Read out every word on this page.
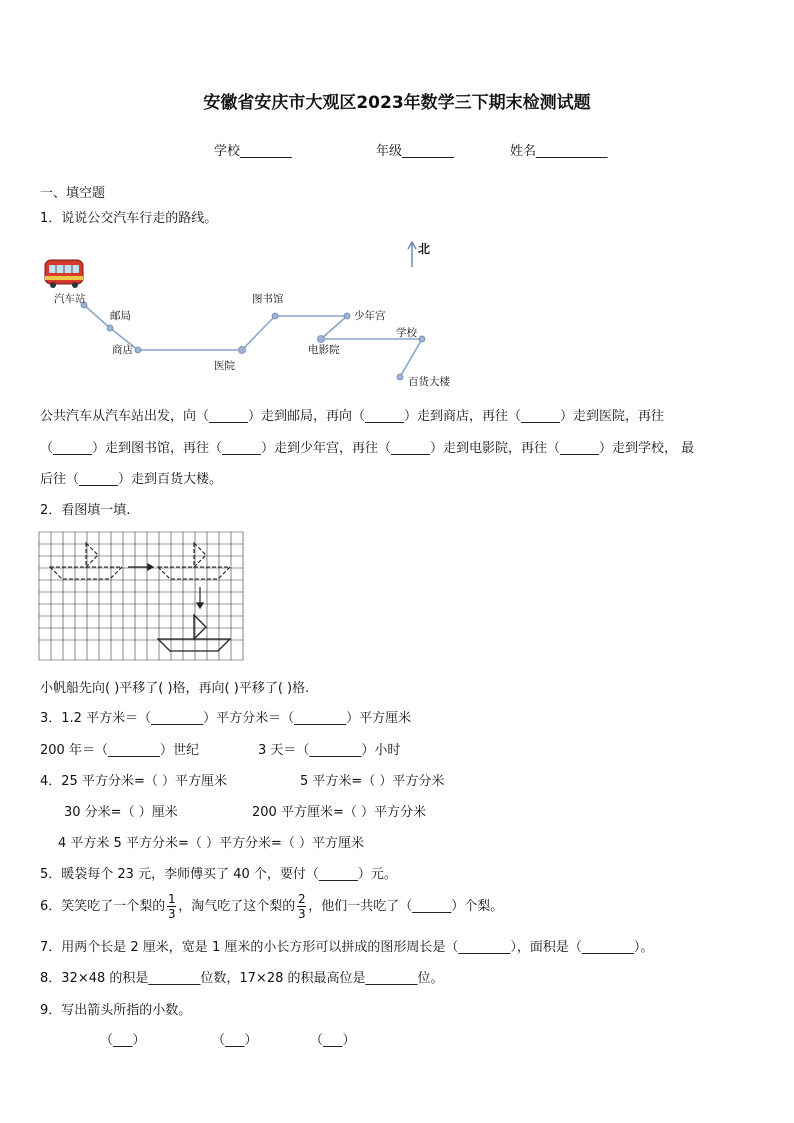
安徽省安庆市大观区2023年数学三下期末检测试题
学校________	年级________	姓名___________
一、填空题
1．说说公交汽车行走的路线。
北
汽车站
邮局
商店
医院
图书馆
少年宫
电影院
学校
百货大楼
公共汽车从汽车站出发，向（______）走到邮局，再向（______）走到商店，再往（______）走到医院，再往
（______）走到图书馆，再往（______）走到少年宫，再往（______）走到电影院，再往（______）走到学校， 最
后往（______）走到百货大楼。
2．看图填一填.
小帆船先向( )平移了( )格，再向( )平移了( )格.
3．1.2 平方米＝（________）平方分米＝（________）平方厘米
200 年＝（________）世纪	3 天＝（________）小时
4．25 平方分米=（ ）平方厘米	5 平方米=（ ）平方分米
30 分米=（ ）厘米	200 平方厘米=（ ）平方分米
4 平方米 5 平方分米=（ ）平方分米=（ ）平方厘米
5．暖袋每个 23 元，李师傅买了 40 个，要付（______）元。
6．笑笑吃了一个梨的 $\frac{1}{3}$ ，淘气吃了这个梨的 $\frac{2}{3}$ ，他们一共吃了（______）个梨。
7．用两个长是 2 厘米，宽是 1 厘米的小长方形可以拼成的图形周长是（________），面积是（________）。
8．32×48 的积是________位数，17×28 的积最高位是________位。
9．写出箭头所指的小数。
（___）	（___）	（___）
